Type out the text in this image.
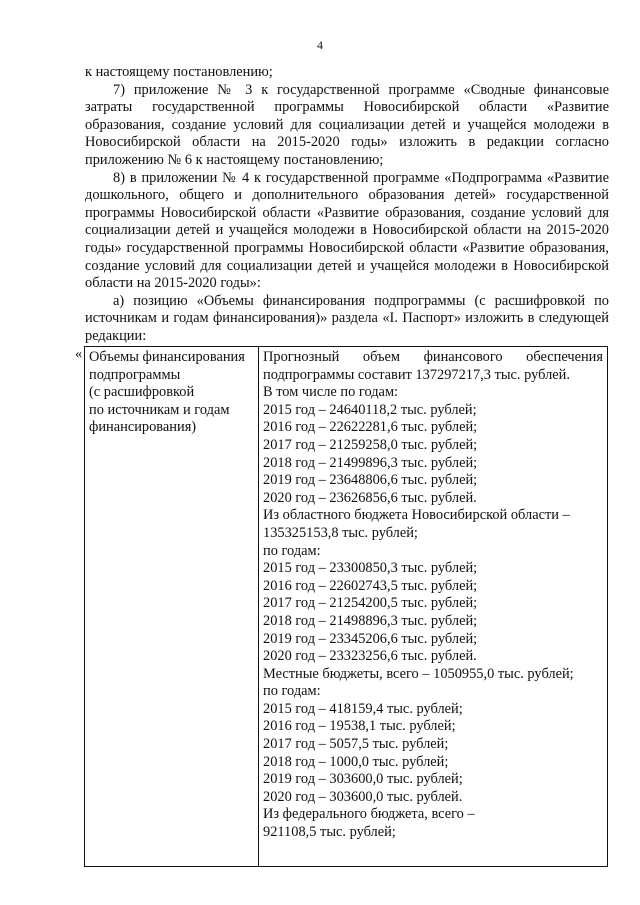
4

к настоящему постановлению;

7) приложение № 3 к государственной программе «Сводные финансовые затраты государственной программы Новосибирской области «Развитие образования, создание условий для социализации детей и учащейся молодежи в Новосибирской области на 2015-2020 годы» изложить в редакции согласно приложению № 6 к настоящему постановлению;

8) в приложении № 4 к государственной программе «Подпрограмма «Развитие дошкольного, общего и дополнительного образования детей» государственной программы Новосибирской области «Развитие образования, создание условий для социализации детей и учащейся молодежи в Новосибирской области на 2015-2020 годы» государственной программы Новосибирской области «Развитие образования, создание условий для социализации детей и учащейся молодежи в Новосибирской области на 2015-2020 годы»:

а) позицию «Объемы финансирования подпрограммы (с расшифровкой по источникам и годам финансирования)» раздела «I. Паспорт» изложить в следующей редакции:

« Объемы финансирования
подпрограммы
(с расшифровкой
по источникам и годам
финансирования)

Прогнозный объем финансового обеспечения подпрограммы составит 137297217,3 тыс. рублей.
В том числе по годам:
2015 год – 24640118,2 тыс. рублей;
2016 год – 22622281,6 тыс. рублей;
2017 год – 21259258,0 тыс. рублей;
2018 год – 21499896,3 тыс. рублей;
2019 год – 23648806,6 тыс. рублей;
2020 год – 23626856,6 тыс. рублей.
Из областного бюджета Новосибирской области –
135325153,8 тыс. рублей;
по годам:
2015 год – 23300850,3 тыс. рублей;
2016 год – 22602743,5 тыс. рублей;
2017 год – 21254200,5 тыс. рублей;
2018 год – 21498896,3 тыс. рублей;
2019 год – 23345206,6 тыс. рублей;
2020 год – 23323256,6 тыс. рублей.
Местные бюджеты, всего – 1050955,0 тыс. рублей;
по годам:
2015 год – 418159,4 тыс. рублей;
2016 год – 19538,1 тыс. рублей;
2017 год – 5057,5 тыс. рублей;
2018 год – 1000,0 тыс. рублей;
2019 год – 303600,0 тыс. рублей;
2020 год – 303600,0 тыс. рублей.
Из федерального бюджета, всего –
921108,5 тыс. рублей;
